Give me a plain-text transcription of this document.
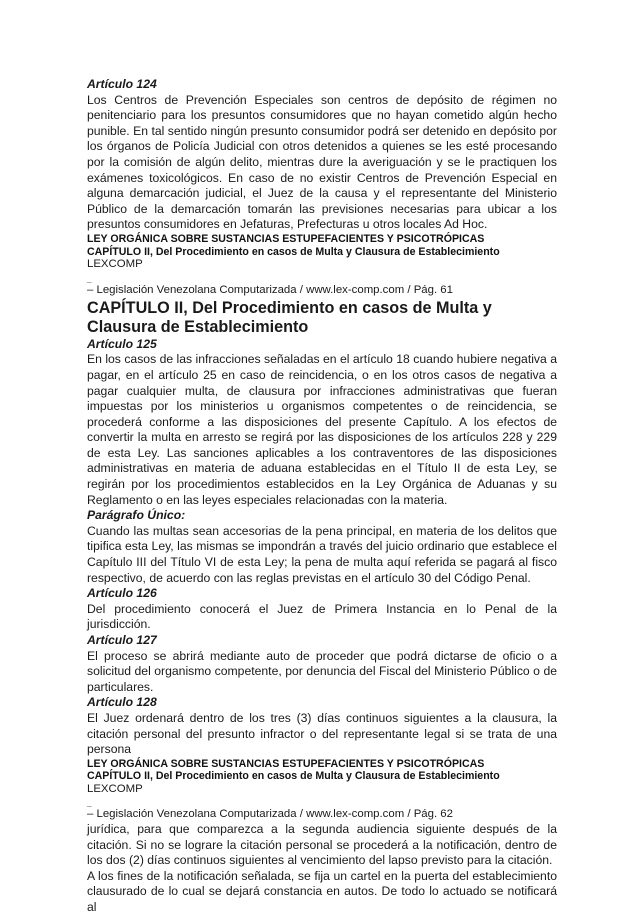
Artículo 124

Los Centros de Prevención Especiales son centros de depósito de régimen no penitenciario para los presuntos consumidores que no hayan cometido algún hecho punible. En tal sentido ningún presunto consumidor podrá ser detenido en depósito por los órganos de Policía Judicial con otros detenidos a quienes se les esté procesando por la comisión de algún delito, mientras dure la averiguación y se le practiquen los exámenes toxicológicos. En caso de no existir Centros de Prevención Especial en alguna demarcación judicial, el Juez de la causa y el representante del Ministerio Público de la demarcación tomarán las previsiones necesarias para ubicar a los presuntos consumidores en Jefaturas, Prefecturas u otros locales Ad Hoc.

LEY ORGÁNICA SOBRE SUSTANCIAS ESTUPEFACIENTES Y PSICOTRÓPICAS

CAPÍTULO II, Del Procedimiento en casos de Multa y Clausura de Establecimiento

LEXCOMP

_

– Legislación Venezolana Computarizada / www.lex-comp.com / Pág. 61

CAPÍTULO II, Del Procedimiento en casos de Multa y Clausura de Establecimiento

Artículo 125

En los casos de las infracciones señaladas en el artículo 18 cuando hubiere negativa a pagar, en el artículo 25 en caso de reincidencia, o en los otros casos de negativa a pagar cualquier multa, de clausura por infracciones administrativas que fueran impuestas por los ministerios u organismos competentes o de reincidencia, se procederá conforme a las disposiciones del presente Capítulo. A los efectos de convertir la multa en arresto se regirá por las disposiciones de los artículos 228 y 229 de esta Ley. Las sanciones aplicables a los contraventores de las disposiciones administrativas en materia de aduana establecidas en el Título II de esta Ley, se regirán por los procedimientos establecidos en la Ley Orgánica de Aduanas y su Reglamento o en las leyes especiales relacionadas con la materia.

Parágrafo Único:

Cuando las multas sean accesorias de la pena principal, en materia de los delitos que tipifica esta Ley, las mismas se impondrán a través del juicio ordinario que establece el Capítulo III del Título VI de esta Ley; la pena de multa aquí referida se pagará al fisco respectivo, de acuerdo con las reglas previstas en el artículo 30 del Código Penal.

Artículo 126

Del procedimiento conocerá el Juez de Primera Instancia en lo Penal de la jurisdicción.

Artículo 127

El proceso se abrirá mediante auto de proceder que podrá dictarse de oficio o a solicitud del organismo competente, por denuncia del Fiscal del Ministerio Público o de particulares.

Artículo 128

El Juez ordenará dentro de los tres (3) días continuos siguientes a la clausura, la citación personal del presunto infractor o del representante legal si se trata de una persona

LEY ORGÁNICA SOBRE SUSTANCIAS ESTUPEFACIENTES Y PSICOTRÓPICAS

CAPÍTULO II, Del Procedimiento en casos de Multa y Clausura de Establecimiento

LEXCOMP

_

– Legislación Venezolana Computarizada / www.lex-comp.com / Pág. 62

jurídica, para que comparezca a la segunda audiencia siguiente después de la citación. Si no se lograre la citación personal se procederá a la notificación, dentro de los dos (2) días continuos siguientes al vencimiento del lapso previsto para la citación.

A los fines de la notificación señalada, se fija un cartel en la puerta del establecimiento clausurado de lo cual se dejará constancia en autos. De todo lo actuado se notificará al
